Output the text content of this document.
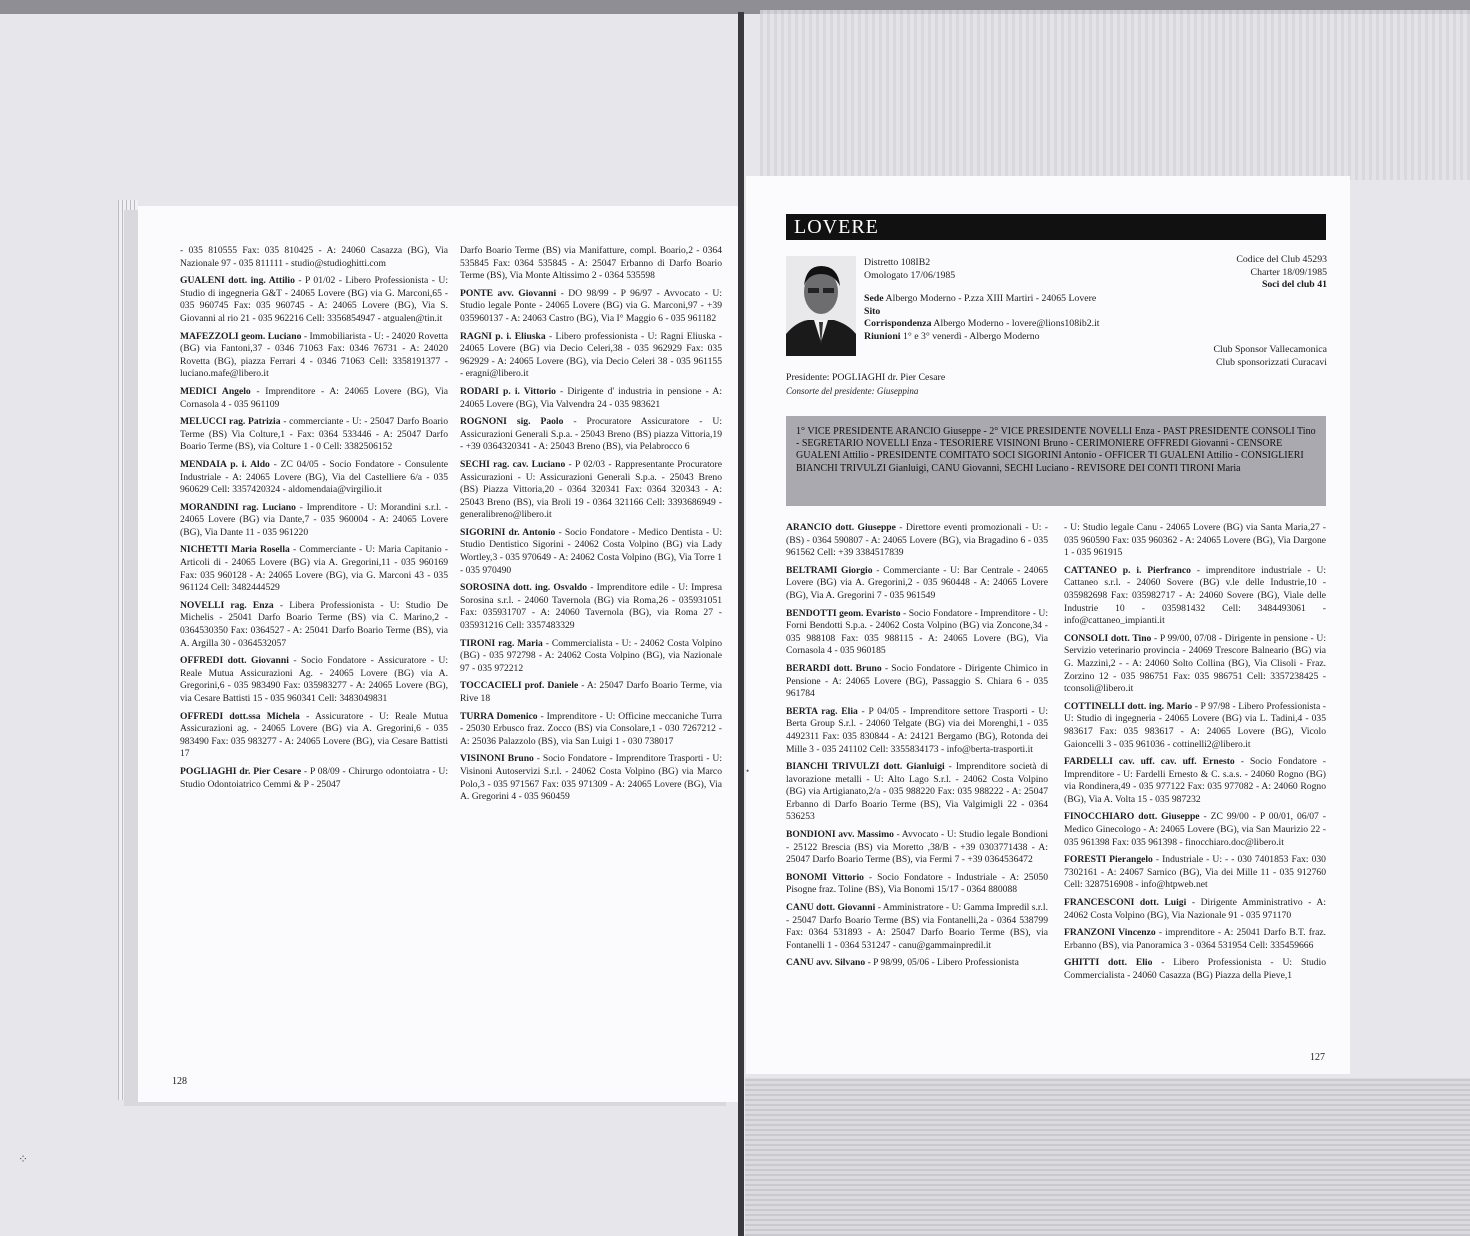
- 035 810555 Fax: 035 810425 - A: 24060 Casazza (BG), Via Nazionale 97 - 035 811111 - studio@studioghitti.com

GUALENI dott. ing. Attilio - P 01/02 - Libero Professionista - U: Studio di ingegneria G&T - 24065 Lovere (BG) via G. Marconi,65 - 035 960745 Fax: 035 960745 - A: 24065 Lovere (BG), Via S. Giovanni al rio 21 - 035 962216 Cell: 3356854947 - atgualen@tin.it

MAFEZZOLI geom. Luciano - Immobiliarista - U: - 24020 Rovetta (BG) via Fantoni,37 - 0346 71063 Fax: 0346 76731 - A: 24020 Rovetta (BG), piazza Ferrari 4 - 0346 71063 Cell: 3358191377 - luciano.mafe@libero.it

MEDICI Angelo - Imprenditore - A: 24065 Lovere (BG), Via Cornasola 4 - 035 961109

MELUCCI rag. Patrizia - commerciante - U: - 25047 Darfo Boario Terme (BS) Via Colture,1 - Fax: 0364 533446 - A: 25047 Darfo Boario Terme (BS), via Colture 1 - 0 Cell: 3382506152

MENDAIA p. i. Aldo - ZC 04/05 - Socio Fondatore - Consulente Industriale - A: 24065 Lovere (BG), Via del Castelliere 6/a - 035 960629 Cell: 3357420324 - aldomendaia@virgilio.it

MORANDINI rag. Luciano - Imprenditore - U: Morandini s.r.l. - 24065 Lovere (BG) via Dante,7 - 035 960004 - A: 24065 Lovere (BG), Via Dante 11 - 035 961220

NICHETTI Maria Rosella - Commerciante - U: Maria Capitanio - Articoli di - 24065 Lovere (BG) via A. Gregorini,11 - 035 960169 Fax: 035 960128 - A: 24065 Lovere (BG), via G. Marconi 43 - 035 961124 Cell: 3482444529

NOVELLI rag. Enza - Libera Professionista - U: Studio De Michelis - 25041 Darfo Boario Terme (BS) via C. Marino,2 - 0364530350 Fax: 0364527 - A: 25041 Darfo Boario Terme (BS), via A. Argilla 30 - 0364532057

OFFREDI dott. Giovanni - Socio Fondatore - Assicuratore - U: Reale Mutua Assicurazioni Ag. - 24065 Lovere (BG) via A. Gregorini,6 - 035 983490 Fax: 035983277 - A: 24065 Lovere (BG), via Cesare Battisti 15 - 035 960341 Cell: 3483049831

OFFREDI dott.ssa Michela - Assicuratore - U: Reale Mutua Assicurazioni ag. - 24065 Lovere (BG) via A. Gregorini,6 - 035 983490 Fax: 035 983277 - A: 24065 Lovere (BG), via Cesare Battisti 17

POGLIAGHI dr. Pier Cesare - P 08/09 - Chirurgo odontoiatra - U: Studio Odontoiatrico Cemmi & P - 25047

Darfo Boario Terme (BS) via Manifatture, compl. Boario,2 - 0364 535845 Fax: 0364 535845 - A: 25047 Erbanno di Darfo Boario Terme (BS), Via Monte Altissimo 2 - 0364 535598

PONTE avv. Giovanni - DO 98/99 - P 96/97 - Avvocato - U: Studio legale Ponte - 24065 Lovere (BG) via G. Marconi,97 - +39 035960137 - A: 24063 Castro (BG), Via I° Maggio 6 - 035 961182

RAGNI p. i. Eliuska - Libero professionista - U: Ragni Eliuska - 24065 Lovere (BG) via Decio Celeri,38 - 035 962929 Fax: 035 962929 - A: 24065 Lovere (BG), via Decio Celeri 38 - 035 961155 - eragni@libero.it

RODARI p. i. Vittorio - Dirigente d' industria in pensione - A: 24065 Lovere (BG), Via Valvendra 24 - 035 983621

ROGNONI sig. Paolo - Procuratore Assicuratore - U: Assicurazioni Generali S.p.a. - 25043 Breno (BS) piazza Vittoria,19 - +39 0364320341 - A: 25043 Breno (BS), via Pelabrocco 6

SECHI rag. cav. Luciano - P 02/03 - Rappresentante Procuratore Assicurazioni - U: Assicurazioni Generali S.p.a. - 25043 Breno (BS) Piazza Vittoria,20 - 0364 320341 Fax: 0364 320343 - A: 25043 Breno (BS), via Broli 19 - 0364 321166 Cell: 3393686949 - generalibreno@libero.it

SIGORINI dr. Antonio - Socio Fondatore - Medico Dentista - U: Studio Dentistico Sigorini - 24062 Costa Volpino (BG) via Lady Wortley,3 - 035 970649 - A: 24062 Costa Volpino (BG), Via Torre 1 - 035 970490

SOROSINA dott. ing. Osvaldo - Imprenditore edile - U: Impresa Sorosina s.r.l. - 24060 Tavernola (BG) via Roma,26 - 035931051 Fax: 035931707 - A: 24060 Tavernola (BG), via Roma 27 - 035931216 Cell: 3357483329

TIRONI rag. Maria - Commercialista - U: - 24062 Costa Volpino (BG) - 035 972798 - A: 24062 Costa Volpino (BG), via Nazionale 97 - 035 972212

TOCCACIELI prof. Daniele - A: 25047 Darfo Boario Terme, via Rive 18

TURRA Domenico - Imprenditore - U: Officine meccaniche Turra - 25030 Erbusco fraz. Zocco (BS) via Consolare,1 - 030 7267212 - A: 25036 Palazzolo (BS), via San Luigi 1 - 030 738017

VISINONI Bruno - Socio Fondatore - Imprenditore Trasporti - U: Visinoni Autoservizi S.r.l. - 24062 Costa Volpino (BG) via Marco Polo,3 - 035 971567 Fax: 035 971309 - A: 24065 Lovere (BG), Via A. Gregorini 4 - 035 960459

128
LOVERE
Distretto 108IB2
Omologato 17/06/1985
Codice del Club 45293
Charter 18/09/1985
Soci del club 41
Sede Albergo Moderno - P.zza XIII Martiri - 24065 Lovere
Sito
Corrispondenza Albergo Moderno - lovere@lions108ib2.it
Riunioni 1° e 3° venerdì - Albergo Moderno
Club Sponsor Vallecamonica
Club sponsorizzati Curacavi
Presidente: POGLIAGHI dr. Pier Cesare
Consorte del presidente: Giuseppina
1° VICE PRESIDENTE ARANCIO Giuseppe - 2° VICE PRESIDENTE NOVELLI Enza - PAST PRESIDENTE CONSOLI Tino - SEGRETARIO NOVELLI Enza - TESORIERE VISINONI Bruno - CERIMONIERE OFFREDI Giovanni - CENSORE GUALENI Attilio - PRESIDENTE COMITATO SOCI SIGORINI Antonio - OFFICER TI GUALENI Attilio - CONSIGLIERI BIANCHI TRIVULZI Gianluigi, CANU Giovanni, SECHI Luciano - REVISORE DEI CONTI TIRONI Maria

ARANCIO dott. Giuseppe - Direttore eventi promozionali - U: - (BS) - 0364 590807 - A: 24065 Lovere (BG), via Bragadino 6 - 035 961562 Cell: +39 3384517839

BELTRAMI Giorgio - Commerciante - U: Bar Centrale - 24065 Lovere (BG) via A. Gregorini,2 - 035 960448 - A: 24065 Lovere (BG), Via A. Gregorini 7 - 035 961549

BENDOTTI geom. Evaristo - Socio Fondatore - Imprenditore - U: Forni Bendotti S.p.a. - 24062 Costa Volpino (BG) via Zoncone,34 - 035 988108 Fax: 035 988115 - A: 24065 Lovere (BG), Via Cornasola 4 - 035 960185

BERARDI dott. Bruno - Socio Fondatore - Dirigente Chimico in Pensione - A: 24065 Lovere (BG), Passaggio S. Chiara 6 - 035 961784

BERTA rag. Elia - P 04/05 - Imprenditore settore Trasporti - U: Berta Group S.r.l. - 24060 Telgate (BG) via dei Morenghi,1 - 035 4492311 Fax: 035 830844 - A: 24121 Bergamo (BG), Rotonda dei Mille 3 - 035 241102 Cell: 3355834173 - info@berta-trasporti.it

BIANCHI TRIVULZI dott. Gianluigi - Imprenditore società di lavorazione metalli - U: Alto Lago S.r.l. - 24062 Costa Volpino (BG) via Artigianato,2/a - 035 988220 Fax: 035 988222 - A: 25047 Erbanno di Darfo Boario Terme (BS), Via Valgimigli 22 - 0364 536253

BONDIONI avv. Massimo - Avvocato - U: Studio legale Bondioni - 25122 Brescia (BS) via Moretto ,38/B - +39 0303771438 - A: 25047 Darfo Boario Terme (BS), via Fermi 7 - +39 0364536472

BONOMI Vittorio - Socio Fondatore - Industriale - A: 25050 Pisogne fraz. Toline (BS), Via Bonomi 15/17 - 0364 880088

CANU dott. Giovanni - Amministratore - U: Gamma Impredil s.r.l. - 25047 Darfo Boario Terme (BS) via Fontanelli,2a - 0364 538799 Fax: 0364 531893 - A: 25047 Darfo Boario Terme (BS), via Fontanelli 1 - 0364 531247 - canu@gammainpredil.it

CANU avv. Silvano - P 98/99, 05/06 - Libero Professionista

- U: Studio legale Canu - 24065 Lovere (BG) via Santa Maria,27 - 035 960590 Fax: 035 960362 - A: 24065 Lovere (BG), Via Dargone 1 - 035 961915

CATTANEO p. i. Pierfranco - imprenditore industriale - U: Cattaneo s.r.l. - 24060 Sovere (BG) v.le delle Industrie,10 - 035982698 Fax: 035982717 - A: 24060 Sovere (BG), Viale delle Industrie 10 - 035981432 Cell: 3484493061 - info@cattaneo_impianti.it

CONSOLI dott. Tino - P 99/00, 07/08 - Dirigente in pensione - U: Servizio veterinario provincia - 24069 Trescore Balneario (BG) via G. Mazzini,2 - - A: 24060 Solto Collina (BG), Via Clisoli - Fraz. Zorzino 12 - 035 986751 Fax: 035 986751 Cell: 3357238425 - tconsoli@libero.it

COTTINELLI dott. ing. Mario - P 97/98 - Libero Professionista - U: Studio di ingegneria - 24065 Lovere (BG) via L. Tadini,4 - 035 983617 Fax: 035 983617 - A: 24065 Lovere (BG), Vicolo Gaioncelli 3 - 035 961036 - cottinelli2@libero.it

FARDELLI cav. uff. cav. uff. Ernesto - Socio Fondatore - Imprenditore - U: Fardelli Ernesto & C. s.a.s. - 24060 Rogno (BG) via Rondinera,49 - 035 977122 Fax: 035 977082 - A: 24060 Rogno (BG), Via A. Volta 15 - 035 987232

FINOCCHIARO dott. Giuseppe - ZC 99/00 - P 00/01, 06/07 - Medico Ginecologo - A: 24065 Lovere (BG), via San Maurizio 22 - 035 961398 Fax: 035 961398 - finocchiaro.doc@libero.it

FORESTI Pierangelo - Industriale - U: - - 030 7401853 Fax: 030 7302161 - A: 24067 Sarnico (BG), Via dei Mille 11 - 035 912760 Cell: 3287516908 - info@htpweb.net

FRANCESCONI dott. Luigi - Dirigente Amministrativo - A: 24062 Costa Volpino (BG), Via Nazionale 91 - 035 971170

FRANZONI Vincenzo - imprenditore - A: 25041 Darfo B.T. fraz. Erbanno (BS), via Panoramica 3 - 0364 531954 Cell: 335459666

GHITTI dott. Elio - Libero Professionista - U: Studio Commercialista - 24060 Casazza (BG) Piazza della Pieve,1

127
⁘
•
